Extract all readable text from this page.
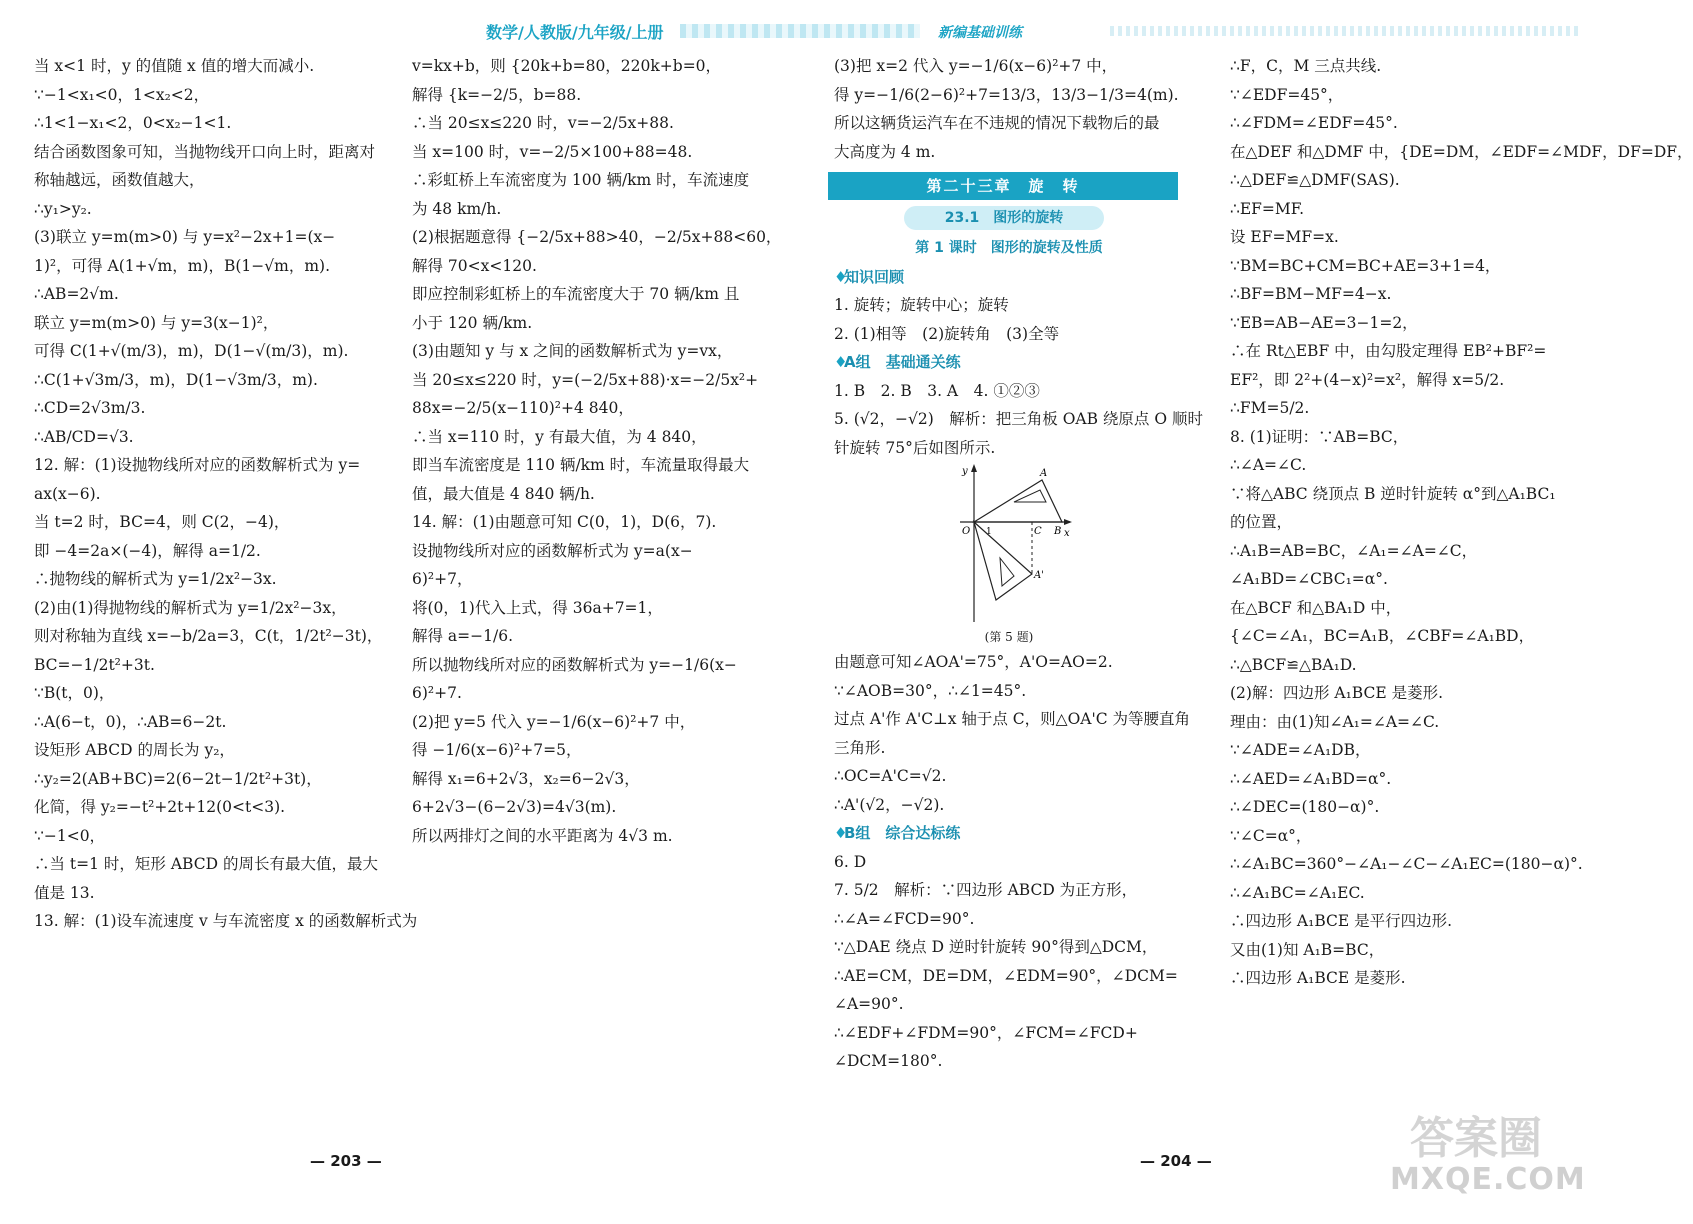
数学/人教版/九年级/上册	新编基础训练

当 x<1 时，y 的值随 x 值的增大而减小.

∵−1<x₁<0，1<x₂<2，

∴1<1−x₁<2，0<x₂−1<1.

结合函数图象可知，当抛物线开口向上时，距离对

称轴越远，函数值越大，

∴y₁>y₂.

(3)联立 y=m(m>0) 与 y=x²−2x+1=(x−

1)²，可得 A(1+√m，m)，B(1−√m，m).

∴AB=2√m.

联立 y=m(m>0) 与 y=3(x−1)²，

可得 C(1+√(m/3)，m)，D(1−√(m/3)，m).

∴C(1+√3m/3，m)，D(1−√3m/3，m).

∴CD=2√3m/3.

∴AB/CD=√3.

12. 解：(1)设抛物线所对应的函数解析式为 y=

ax(x−6).

当 t=2 时，BC=4，则 C(2，−4)，

即 −4=2a×(−4)，解得 a=1/2.

∴抛物线的解析式为 y=1/2x²−3x.

(2)由(1)得抛物线的解析式为 y=1/2x²−3x，

则对称轴为直线 x=−b/2a=3，C(t，1/2t²−3t)，

BC=−1/2t²+3t.

∵B(t，0)，

∴A(6−t，0)，∴AB=6−2t.

设矩形 ABCD 的周长为 y₂，

∴y₂=2(AB+BC)=2(6−2t−1/2t²+3t)，

化简，得 y₂=−t²+2t+12(0<t<3).

∵−1<0，

∴当 t=1 时，矩形 ABCD 的周长有最大值，最大

值是 13.

13. 解：(1)设车流速度 v 与车流密度 x 的函数解析式为

v=kx+b，则 {20k+b=80，220k+b=0，

解得 {k=−2/5，b=88.

∴当 20≤x≤220 时，v=−2/5x+88.

当 x=100 时，v=−2/5×100+88=48.

∴彩虹桥上车流密度为 100 辆/km 时，车流速度

为 48 km/h.

(2)根据题意得 {−2/5x+88>40，−2/5x+88<60，

解得 70<x<120.

即应控制彩虹桥上的车流密度大于 70 辆/km 且

小于 120 辆/km.

(3)由题知 y 与 x 之间的函数解析式为 y=vx，

当 20≤x≤220 时，y=(−2/5x+88)·x=−2/5x²+

88x=−2/5(x−110)²+4 840，

∴当 x=110 时，y 有最大值，为 4 840，

即当车流密度是 110 辆/km 时，车流量取得最大

值，最大值是 4 840 辆/h.

14. 解：(1)由题意可知 C(0，1)，D(6，7).

设抛物线所对应的函数解析式为 y=a(x−

6)²+7，

将(0，1)代入上式，得 36a+7=1，

解得 a=−1/6.

所以抛物线所对应的函数解析式为 y=−1/6(x−

6)²+7.

(2)把 y=5 代入 y=−1/6(x−6)²+7 中，

得 −1/6(x−6)²+7=5，

解得 x₁=6+2√3，x₂=6−2√3，

6+2√3−(6−2√3)=4√3(m).

所以两排灯之间的水平距离为 4√3 m.

(3)把 x=2 代入 y=−1/6(x−6)²+7 中，

得 y=−1/6(2−6)²+7=13/3，13/3−1/3=4(m).

所以这辆货运汽车在不违规的情况下载物后的最

大高度为 4 m.

第二十三章　旋　转
23.1　图形的旋转
第 1 课时　图形的旋转及性质
♦知识回顾

1. 旋转；旋转中心；旋转

2. (1)相等　(2)旋转角　(3)全等

♦A组　基础通关练

1. B　2. B　3. A　4. ①②③

5. (√2，−√2)　解析：把三角板 OAB 绕原点 O 顺时

针旋转 75°后如图所示.

y
x
A
O	C B
A'
1
(第 5 题)

由题意可知∠AOA'=75°，A'O=AO=2.

∵∠AOB=30°，∴∠1=45°.

过点 A'作 A'C⊥x 轴于点 C，则△OA'C 为等腰直角

三角形.

∴OC=A'C=√2.

∴A'(√2，−√2).

♦B组　综合达标练

6. D

7. 5/2　解析：∵四边形 ABCD 为正方形，

∴∠A=∠FCD=90°.

∵△DAE 绕点 D 逆时针旋转 90°得到△DCM，

∴AE=CM，DE=DM，∠EDM=90°，∠DCM=

∠A=90°.

∴∠EDF+∠FDM=90°，∠FCM=∠FCD+

∠DCM=180°.

∴F，C，M 三点共线.

∵∠EDF=45°，

∴∠FDM=∠EDF=45°.

在△DEF 和△DMF 中，{DE=DM，∠EDF=∠MDF，DF=DF，

∴△DEF≌△DMF(SAS).

∴EF=MF.

设 EF=MF=x.

∵BM=BC+CM=BC+AE=3+1=4，

∴BF=BM−MF=4−x.

∵EB=AB−AE=3−1=2，

∴在 Rt△EBF 中，由勾股定理得 EB²+BF²=

EF²，即 2²+(4−x)²=x²，解得 x=5/2.

∴FM=5/2.

8. (1)证明：∵AB=BC，

∴∠A=∠C.

∵将△ABC 绕顶点 B 逆时针旋转 α°到△A₁BC₁

的位置，

∴A₁B=AB=BC，∠A₁=∠A=∠C，

∠A₁BD=∠CBC₁=α°.

在△BCF 和△BA₁D 中，

{∠C=∠A₁，BC=A₁B，∠CBF=∠A₁BD，

∴△BCF≌△BA₁D.

(2)解：四边形 A₁BCE 是菱形.

理由：由(1)知∠A₁=∠A=∠C.

∵∠ADE=∠A₁DB，

∴∠AED=∠A₁BD=α°.

∴∠DEC=(180−α)°.

∵∠C=α°，

∴∠A₁BC=360°−∠A₁−∠C−∠A₁EC=(180−α)°.

∴∠A₁BC=∠A₁EC.

∴四边形 A₁BCE 是平行四边形.

又由(1)知 A₁B=BC，

∴四边形 A₁BCE 是菱形.

— 203 —	— 204 —	答案圈
MXQE.COM
